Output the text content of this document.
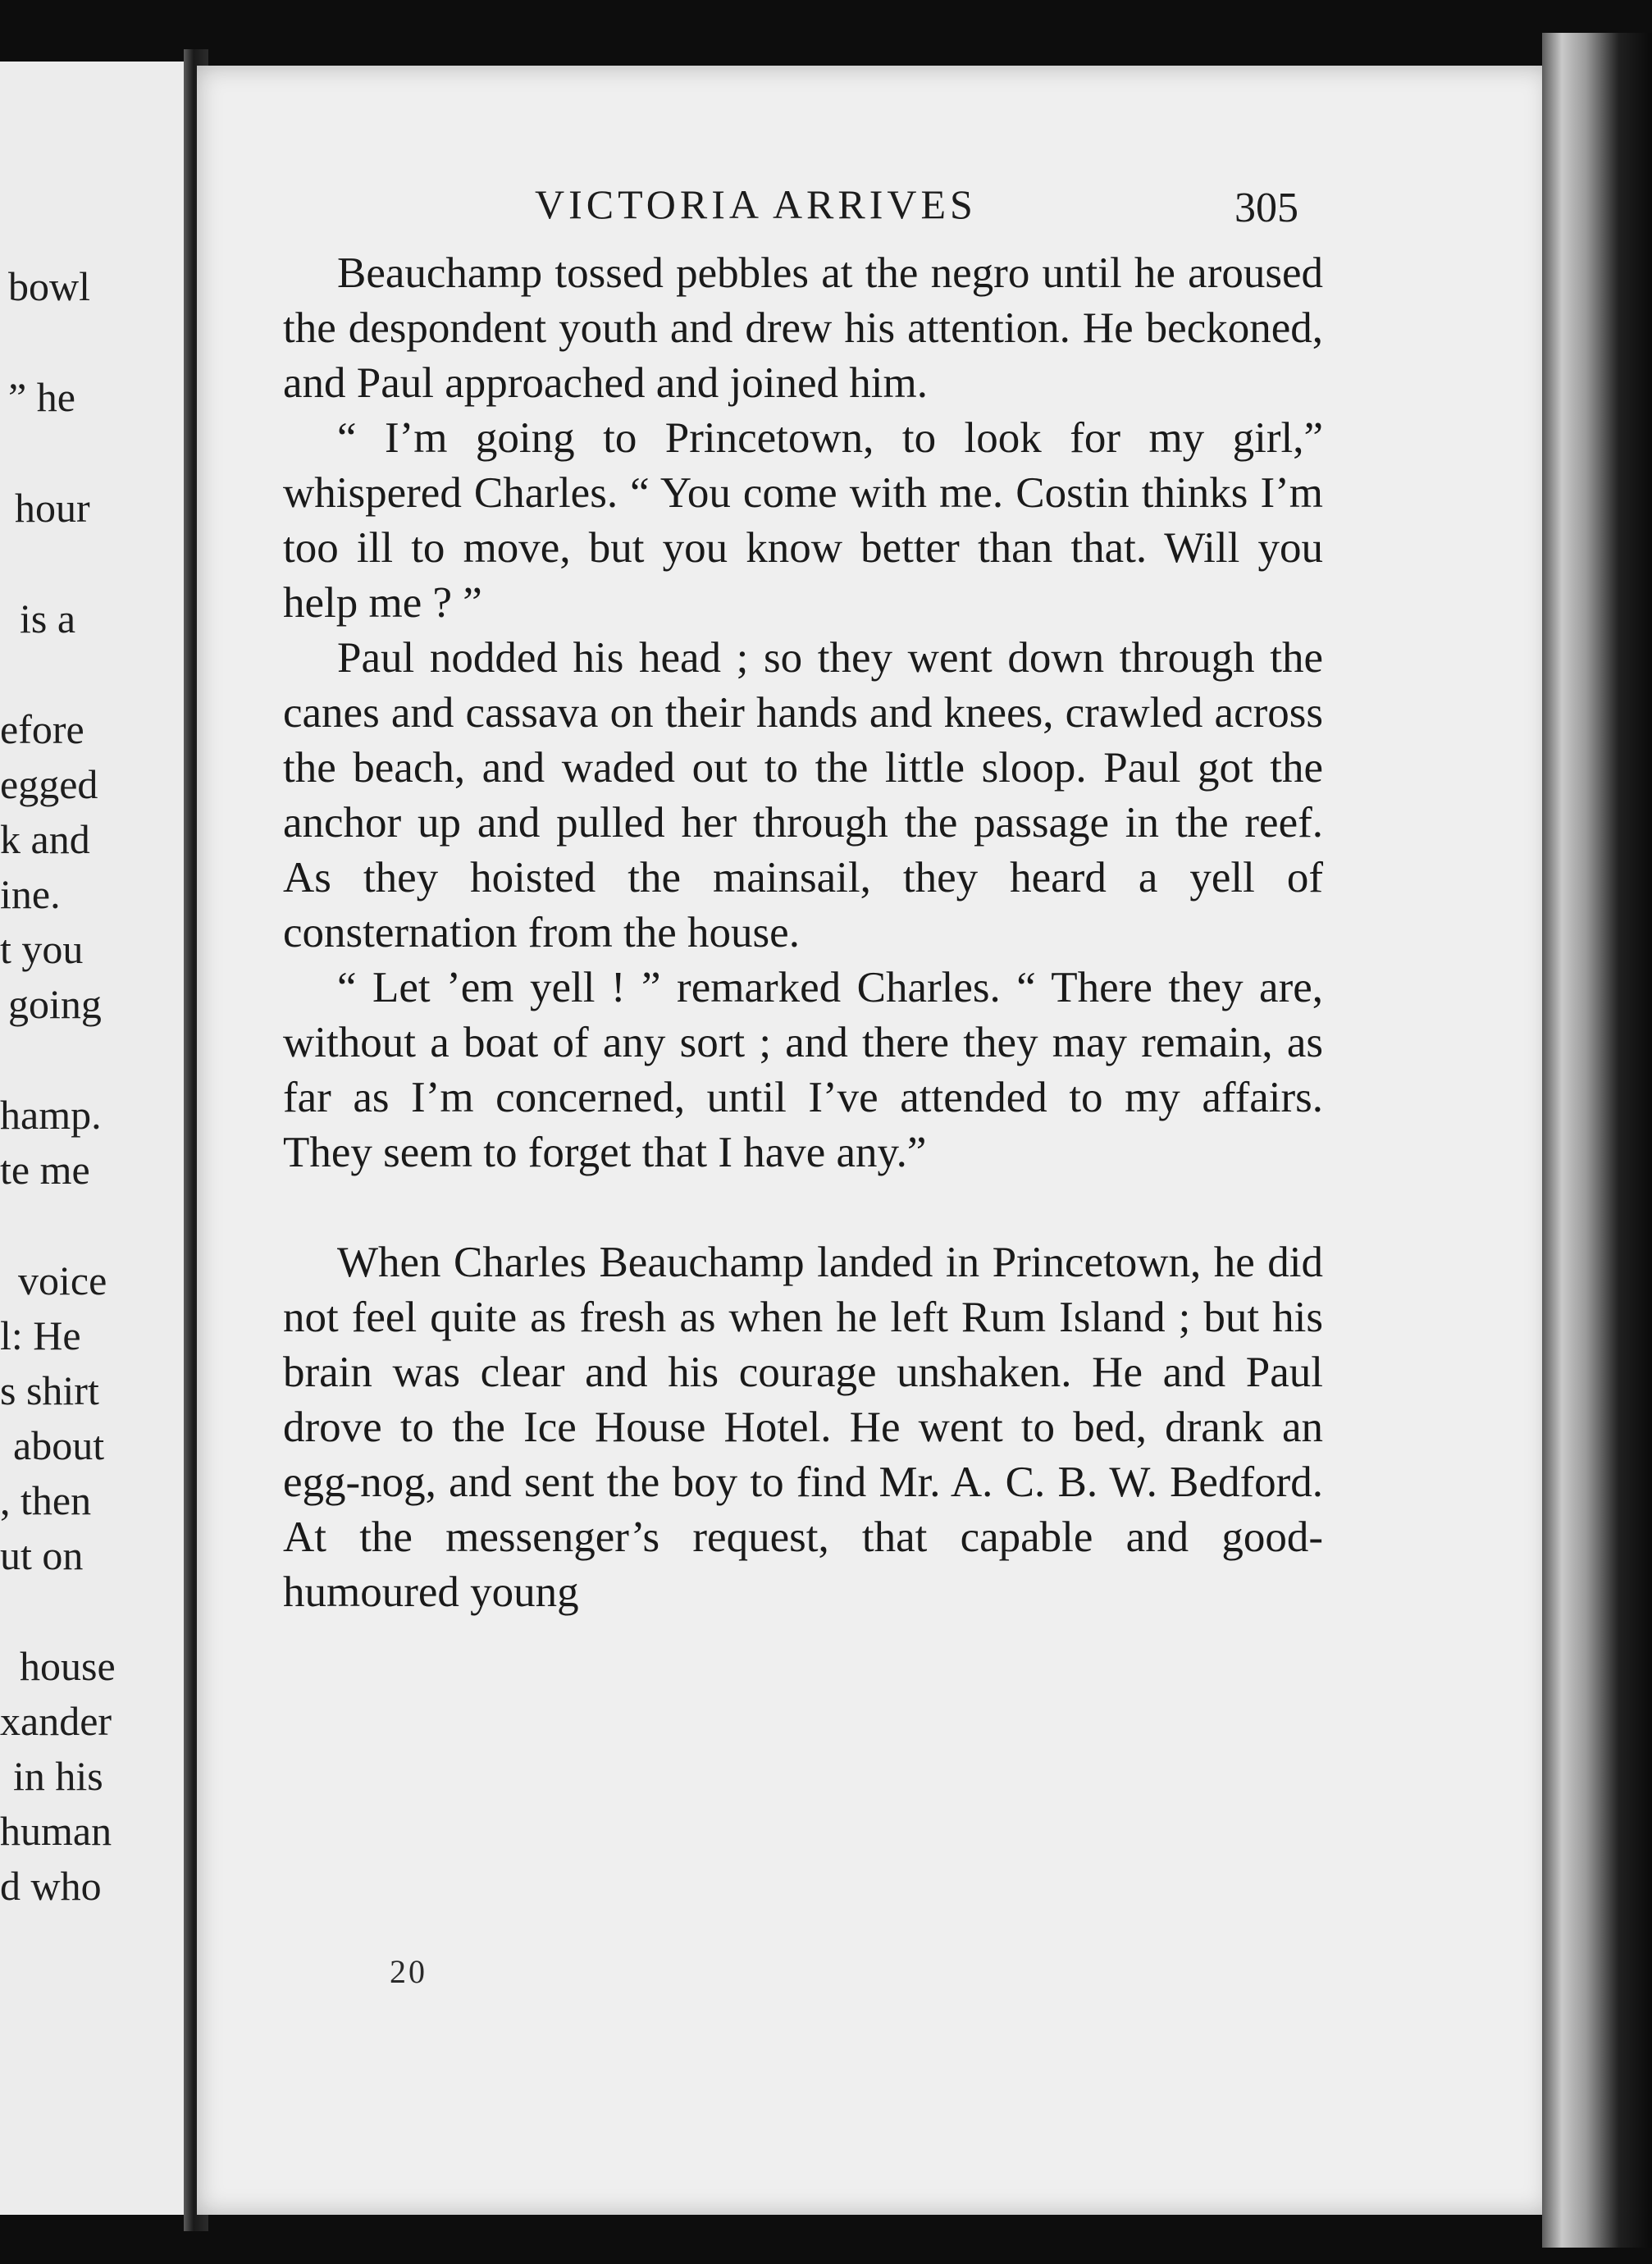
bowl
” he
hour
is a
efore
egged
k and
ine.
t you
going
hamp.
te me
voice
l: He
s shirt
about
, then
ut on
house
xander
in his
human
d who
VICTORIA ARRIVES	305

Beauchamp tossed pebbles at the negro until he aroused the despondent youth and drew his attention. He beckoned, and Paul approached and joined him.

“ I’m going to Princetown, to look for my girl,” whispered Charles. “ You come with me. Costin thinks I’m too ill to move, but you know better than that. Will you help me ? ”

Paul nodded his head ; so they went down through the canes and cassava on their hands and knees, crawled across the beach, and waded out to the little sloop. Paul got the anchor up and pulled her through the passage in the reef. As they hoisted the mainsail, they heard a yell of consternation from the house.

“ Let ’em yell ! ” remarked Charles. “ There they are, without a boat of any sort ; and there they may remain, as far as I’m concerned, until I’ve attended to my affairs. They seem to forget that I have any.”

When Charles Beauchamp landed in Princetown, he did not feel quite as fresh as when he left Rum Island ; but his brain was clear and his courage unshaken. He and Paul drove to the Ice House Hotel. He went to bed, drank an egg-nog, and sent the boy to find Mr. A. C. B. W. Bedford. At the messenger’s request, that capable and good-humoured young

20
